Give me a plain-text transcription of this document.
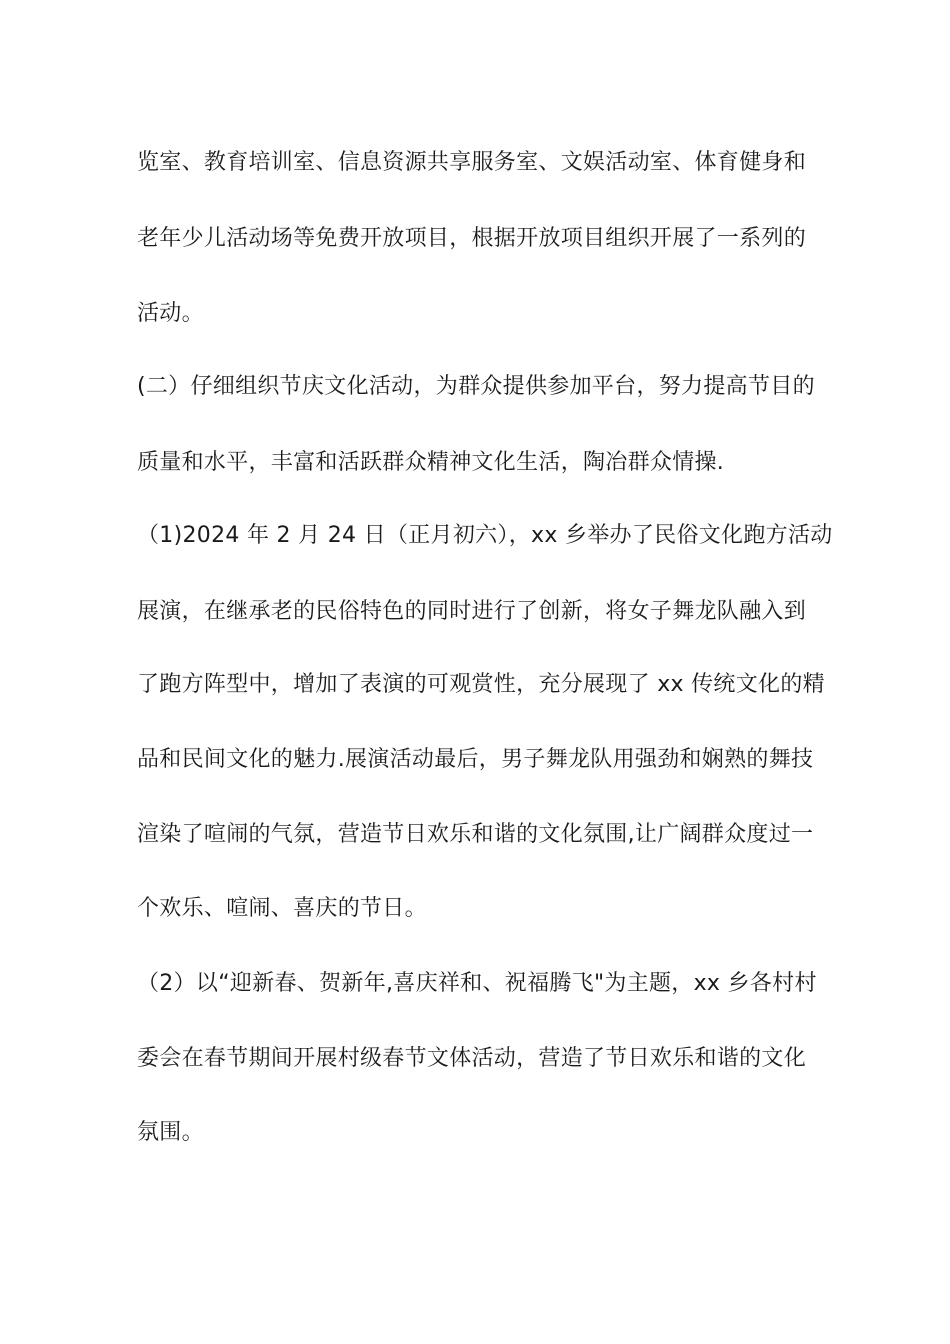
览室、教育培训室、信息资源共享服务室、文娱活动室、体育健身和
老年少儿活动场等免费开放项目，根据开放项目组织开展了一系列的
活动。
(二）仔细组织节庆文化活动，为群众提供参加平台，努力提高节目的
质量和水平，丰富和活跃群众精神文化生活，陶冶群众情操.
（1)2024 年 2 月 24 日（正月初六），xx 乡举办了民俗文化跑方活动
展演，在继承老的民俗特色的同时进行了创新，将女子舞龙队融入到
了跑方阵型中，增加了表演的可观赏性，充分展现了 xx 传统文化的精
品和民间文化的魅力.展演活动最后，男子舞龙队用强劲和娴熟的舞技
渲染了喧闹的气氛，营造节日欢乐和谐的文化氛围,让广阔群众度过一
个欢乐、喧闹、喜庆的节日。
（2）以“迎新春、贺新年,喜庆祥和、祝福腾飞"为主题，xx 乡各村村
委会在春节期间开展村级春节文体活动，营造了节日欢乐和谐的文化
氛围。
